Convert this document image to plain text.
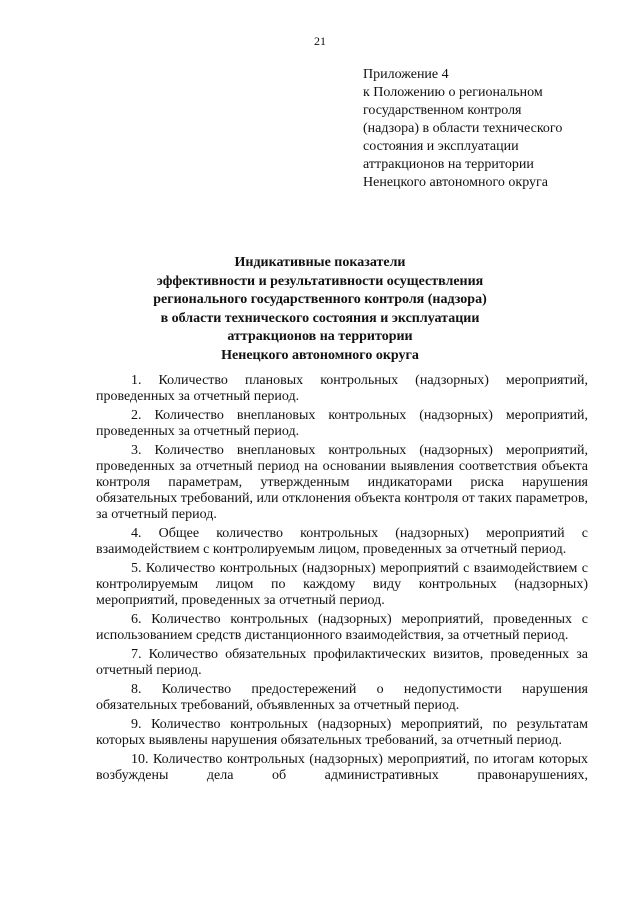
21
Приложение 4
к Положению о региональном
государственном контроля
(надзора) в области технического
состояния и эксплуатации
аттракционов на территории
Ненецкого автономного округа
Индикативные показатели
эффективности и результативности осуществления
регионального государственного контроля (надзора)
в области технического состояния и эксплуатации
аттракционов на территории
Ненецкого автономного округа

1. Количество плановых контрольных (надзорных) мероприятий, проведенных за отчетный период.

2. Количество внеплановых контрольных (надзорных) мероприятий, проведенных за отчетный период.

3. Количество внеплановых контрольных (надзорных) мероприятий, проведенных за отчетный период на основании выявления соответствия объекта контроля параметрам, утвержденным индикаторами риска нарушения обязательных требований, или отклонения объекта контроля от таких параметров, за отчетный период.

4. Общее количество контрольных (надзорных) мероприятий с взаимодействием с контролируемым лицом, проведенных за отчетный период.

5. Количество контрольных (надзорных) мероприятий с взаимодействием с контролируемым лицом по каждому виду контрольных (надзорных) мероприятий, проведенных за отчетный период.

6. Количество контрольных (надзорных) мероприятий, проведенных с использованием средств дистанционного взаимодействия, за отчетный период.

7. Количество обязательных профилактических визитов, проведенных за отчетный период.

8. Количество предостережений о недопустимости нарушения обязательных требований, объявленных за отчетный период.

9. Количество контрольных (надзорных) мероприятий, по результатам которых выявлены нарушения обязательных требований, за отчетный период.

10. Количество контрольных (надзорных) мероприятий, по итогам которых возбуждены дела об административных правонарушениях,
